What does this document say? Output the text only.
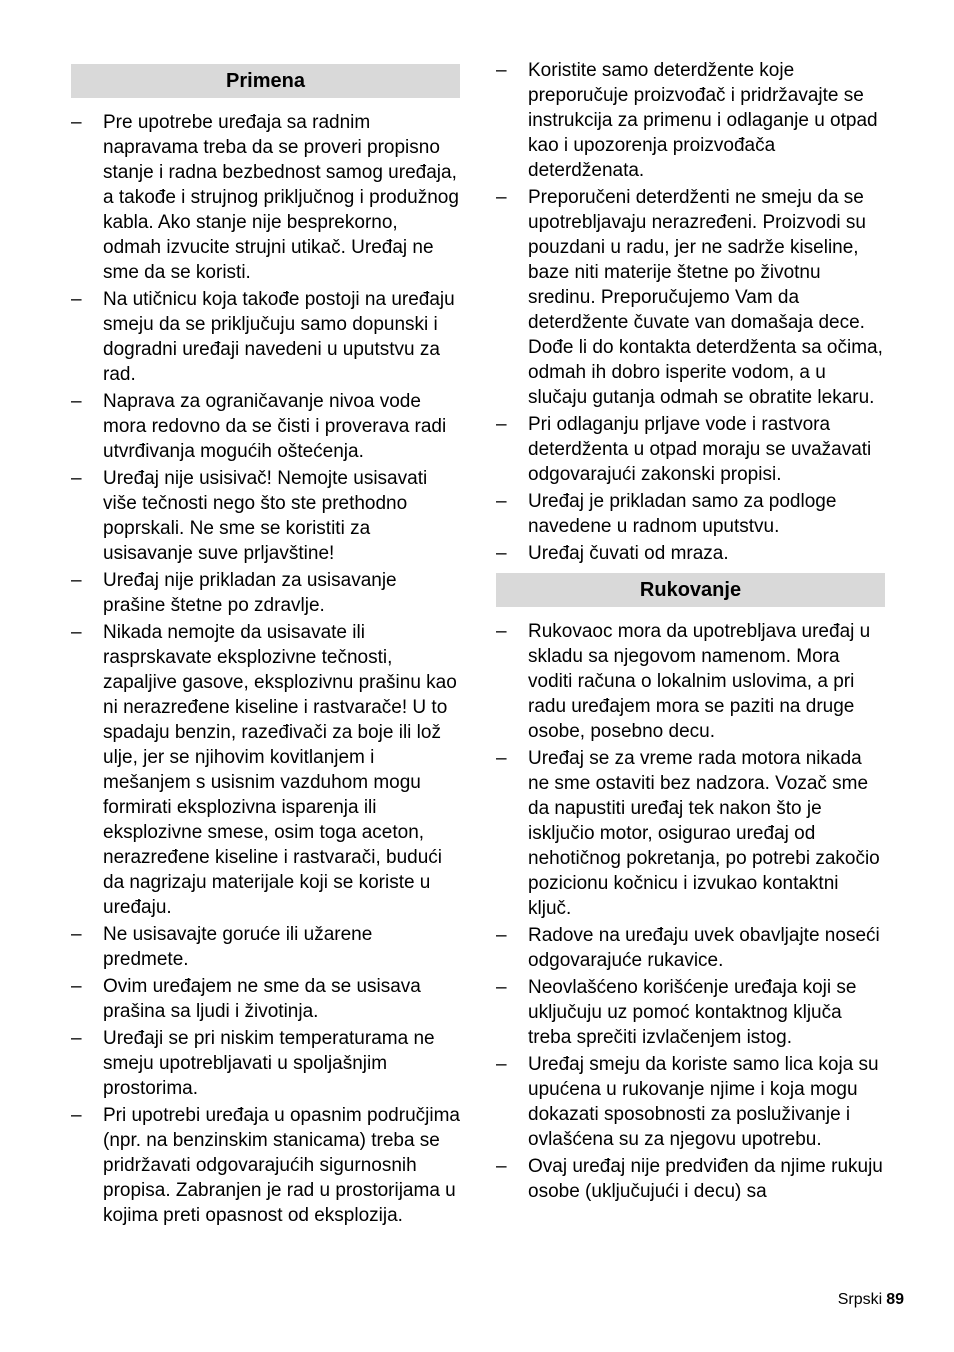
Primena
– Pre upotrebe uređaja sa radnim napravama treba da se proveri propisno stanje i radna bezbednost samog uređaja, a takođe i strujnog priključnog i produžnog kabla. Ako stanje nije besprekorno, odmah izvucite strujni utikač. Uređaj ne sme da se koristi.
– Na utičnicu koja takođe postoji na uređaju smeju da se priključuju samo dopunski i dogradni uređaji navedeni u uputstvu za rad.
– Naprava za ograničavanje nivoa vode mora redovno da se čisti i proverava radi utvrđivanja mogućih oštećenja.
– Uređaj nije usisivač! Nemojte usisavati više tečnosti nego što ste prethodno poprskali. Ne sme se koristiti za usisavanje suve prljavštine!
– Uređaj nije prikladan za usisavanje prašine štetne po zdravlje.
– Nikada nemojte da usisavate ili rasprskavate eksplozivne tečnosti, zapaljive gasove, eksplozivnu prašinu kao ni nerazređene kiseline i rastvarače! U to spadaju benzin, razeđivači za boje ili lož ulje, jer se njihovim kovitlanjem i mešanjem s usisnim vazduhom mogu formirati eksplozivna isparenja ili eksplozivne smese, osim toga aceton, nerazređene kiseline i rastvarači, budući da nagrizaju materijale koji se koriste u uređaju.
– Ne usisavajte goruće ili užarene predmete.
– Ovim uređajem ne sme da se usisava prašina sa ljudi i životinja.
– Uređaji se pri niskim temperaturama ne smeju upotrebljavati u spoljašnjim prostorima.
– Pri upotrebi uređaja u opasnim područjima (npr. na benzinskim stanicama) treba se pridržavati odgovarajućih sigurnosnih propisa. Zabranjen je rad u prostorijama u kojima preti opasnost od eksplozija.
– Koristite samo deterdžente koje preporučuje proizvođač i pridržavajte se instrukcija za primenu i odlaganje u otpad kao i upozorenja proizvođača deterdženata.
– Preporučeni deterdženti ne smeju da se upotrebljavaju nerazređeni. Proizvodi su pouzdani u radu, jer ne sadrže kiseline, baze niti materije štetne po životnu sredinu. Preporučujemo Vam da deterdžente čuvate van domašaja dece. Dođe li do kontakta deterdženta sa očima, odmah ih dobro isperite vodom, a u slučaju gutanja odmah se obratite lekaru.
– Pri odlaganju prljave vode i rastvora deterdženta u otpad moraju se uvažavati odgovarajući zakonski propisi.
– Uređaj je prikladan samo za podloge navedene u radnom uputstvu.
– Uređaj čuvati od mraza.
Rukovanje
– Rukovaoc mora da upotrebljava uređaj u skladu sa njegovom namenom. Mora voditi računa o lokalnim uslovima, a pri radu uređajem mora se paziti na druge osobe, posebno decu.
– Uređaj se za vreme rada motora nikada ne sme ostaviti bez nadzora. Vozač sme da napustiti uređaj tek nakon što je isključio motor, osigurao uređaj od nehotičnog pokretanja, po potrebi zakočio pozicionu kočnicu i izvukao kontaktni ključ.
– Radove na uređaju uvek obavljajte noseći odgovarajuće rukavice.
– Neovlašćeno korišćenje uređaja koji se uključuju uz pomoć kontaktnog ključa treba sprečiti izvlačenjem istog.
– Uređaj smeju da koriste samo lica koja su upućena u rukovanje njime i koja mogu dokazati sposobnosti za posluživanje i ovlašćena su za njegovu upotrebu.
– Ovaj uređaj nije predviđen da njime rukuju osobe (uključujući i decu) sa
Srpski 89
